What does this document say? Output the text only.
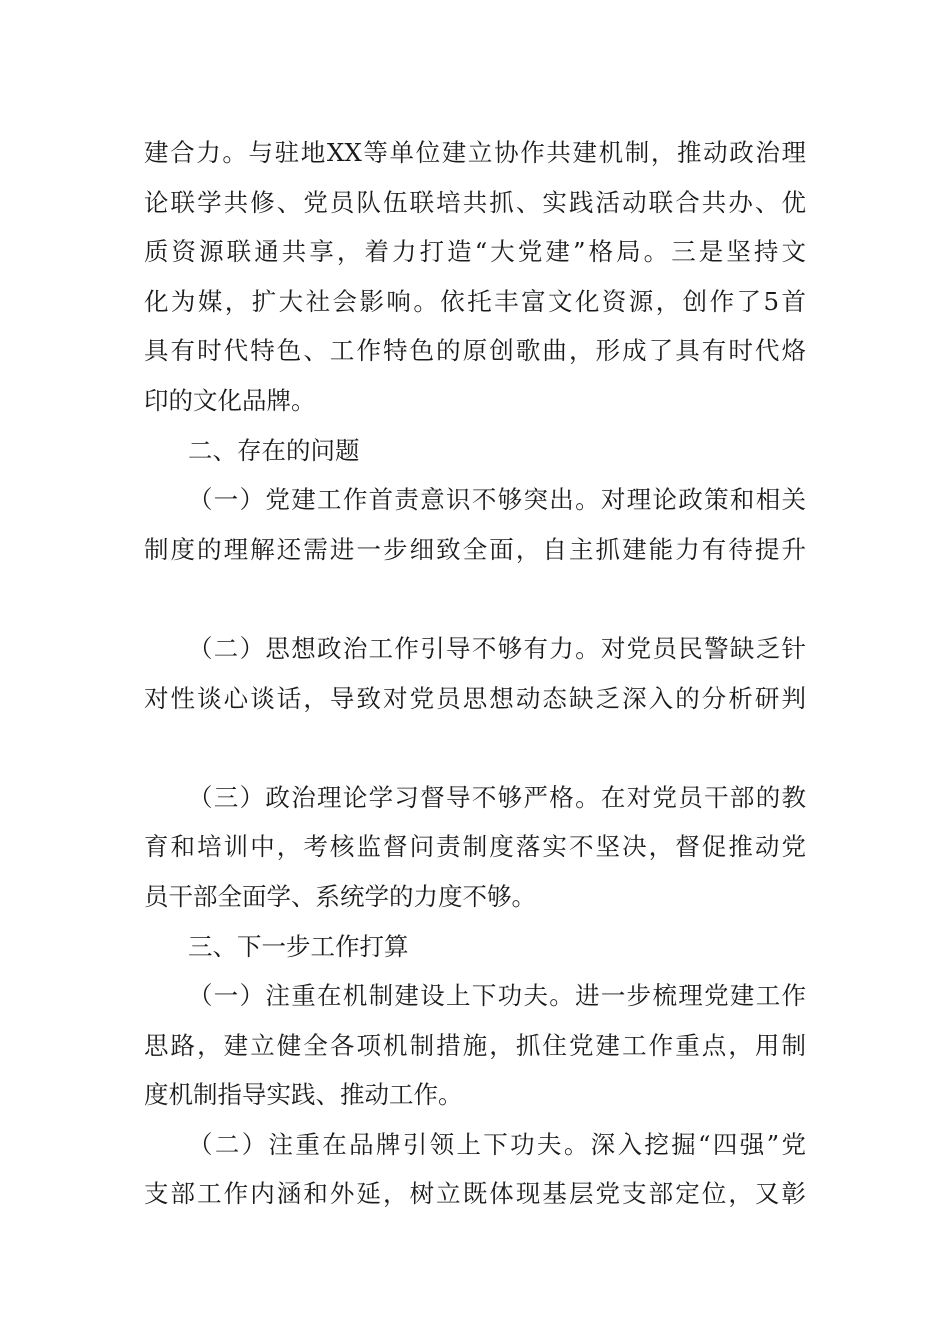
建合力。与驻地XX等单位建立协作共建机制，推动政治理
论联学共修、党员队伍联培共抓、实践活动联合共办、优
质资源联通共享，着力打造“大党建”格局。三是坚持文
化为媒，扩大社会影响。依托丰富文化资源，创作了5首
具有时代特色、工作特色的原创歌曲，形成了具有时代烙
印的文化品牌。
二、存在的问题
（一）党建工作首责意识不够突出。对理论政策和相关
制度的理解还需进一步细致全面，自主抓建能力有待提升
（二）思想政治工作引导不够有力。对党员民警缺乏针
对性谈心谈话，导致对党员思想动态缺乏深入的分析研判
（三）政治理论学习督导不够严格。在对党员干部的教
育和培训中，考核监督问责制度落实不坚决，督促推动党
员干部全面学、系统学的力度不够。
三、下一步工作打算
（一）注重在机制建设上下功夫。进一步梳理党建工作
思路，建立健全各项机制措施，抓住党建工作重点，用制
度机制指导实践、推动工作。
（二）注重在品牌引领上下功夫。深入挖掘“四强”党
支部工作内涵和外延，树立既体现基层党支部定位，又彰
